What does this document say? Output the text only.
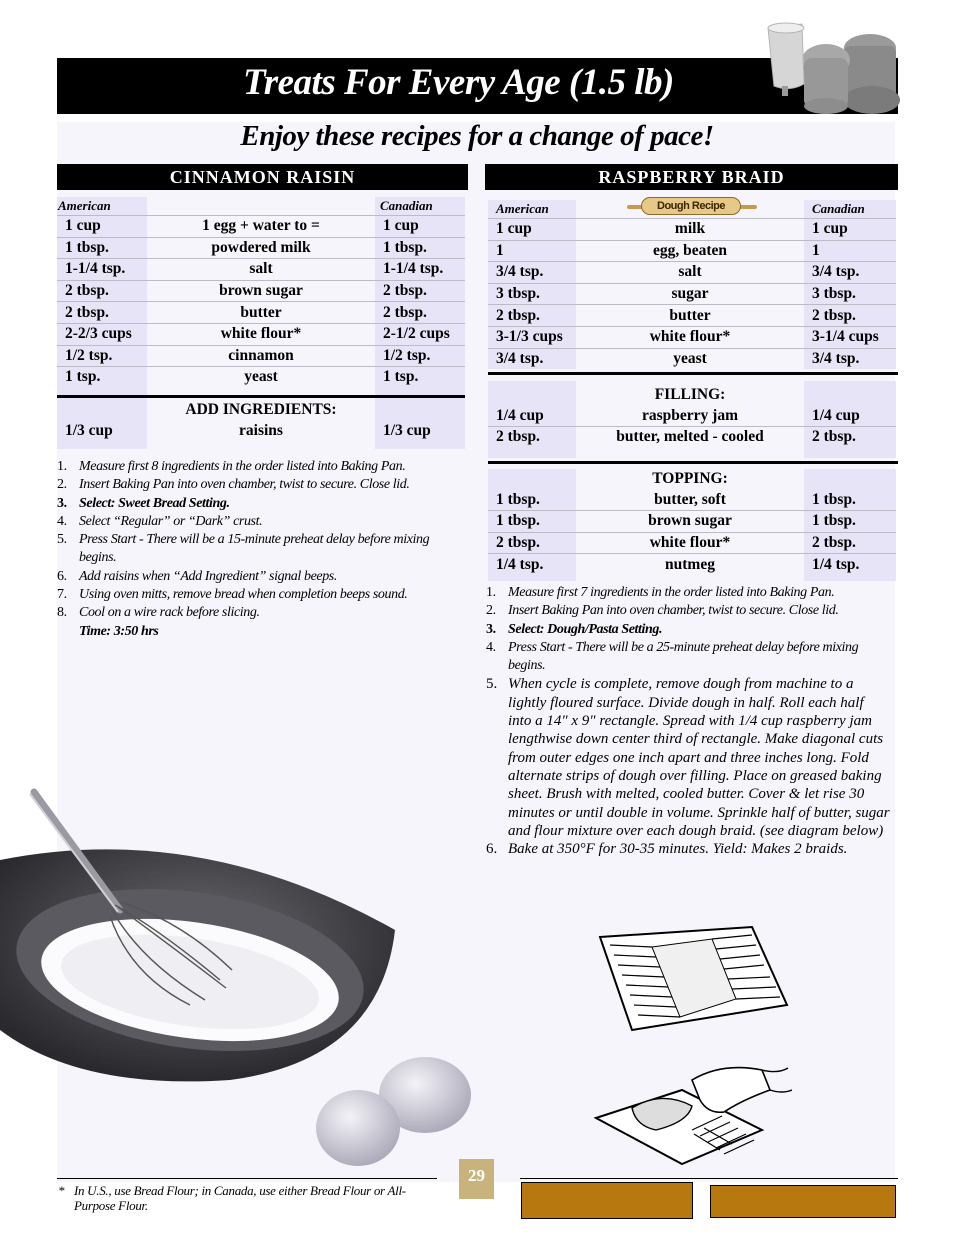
Treats For Every Age (1.5 lb)
Enjoy these recipes for a change of pace!
CINNAMON RAISIN
American		Canadian
1 cup	1 egg + water to =	1 cup
1 tbsp.	powdered milk	1 tbsp.
1-1/4 tsp.	salt	1-1/4 tsp.
2 tbsp.	brown sugar	2 tbsp.
2 tbsp.	butter	2 tbsp.
2-2/3 cups	white flour*	2-1/2 cups
1/2 tsp.	cinnamon	1/2 tsp.
1 tsp.	yeast	1 tsp.

	ADD INGREDIENTS:	
1/3 cup	raisins	1/3 cup

1. Measure first 8 ingredients in the order listed into Baking Pan.
2. Insert Baking Pan into oven chamber, twist to secure. Close lid.
3. Select: Sweet Bread Setting.
4. Select “Regular” or “Dark” crust.
5. Press Start - There will be a 15-minute preheat delay before mixing begins.
6. Add raisins when “Add Ingredient” signal beeps.
7. Using oven mitts, remove bread when completion beeps sound.
8. Cool on a wire rack before slicing.
Time: 3:50 hrs
RASPBERRY BRAID
Dough Recipe
American		Canadian
1 cup	milk	1 cup
1	egg, beaten	1
3/4 tsp.	salt	3/4 tsp.
3 tbsp.	sugar	3 tbsp.
2 tbsp.	butter	2 tbsp.
3-1/3 cups	white flour*	3-1/4 cups
3/4 tsp.	yeast	3/4 tsp.

	FILLING:	
1/4 cup	raspberry jam	1/4 cup
2 tbsp.	butter, melted - cooled	2 tbsp.

	TOPPING:	
1 tbsp.	butter, soft	1 tbsp.
1 tbsp.	brown sugar	1 tbsp.
2 tbsp.	white flour*	2 tbsp.
1/4 tsp.	nutmeg	1/4 tsp.

1. Measure first 7 ingredients in the order listed into Baking Pan.
2. Insert Baking Pan into oven chamber, twist to secure. Close lid.
3. Select: Dough/Pasta Setting.
4. Press Start - There will be a 25-minute preheat delay before mixing begins.
5. When cycle is complete, remove dough from machine to a lightly floured surface. Divide dough in half. Roll each half into a 14" x 9" rectangle. Spread with 1/4 cup raspberry jam lengthwise down center third of rectangle. Make diagonal cuts from outer edges one inch apart and three inches long. Fold alternate strips of dough over filling. Place on greased baking sheet. Brush with melted, cooled butter. Cover & let rise 30 minutes or until double in volume. Sprinkle half of butter, sugar and flour mixture over each dough braid. (see diagram below)
6. Bake at 350°F for 30-35 minutes. Yield: Makes 2 braids.
* In U.S., use Bread Flour; in Canada, use either Bread Flour or All-Purpose Flour.
29
